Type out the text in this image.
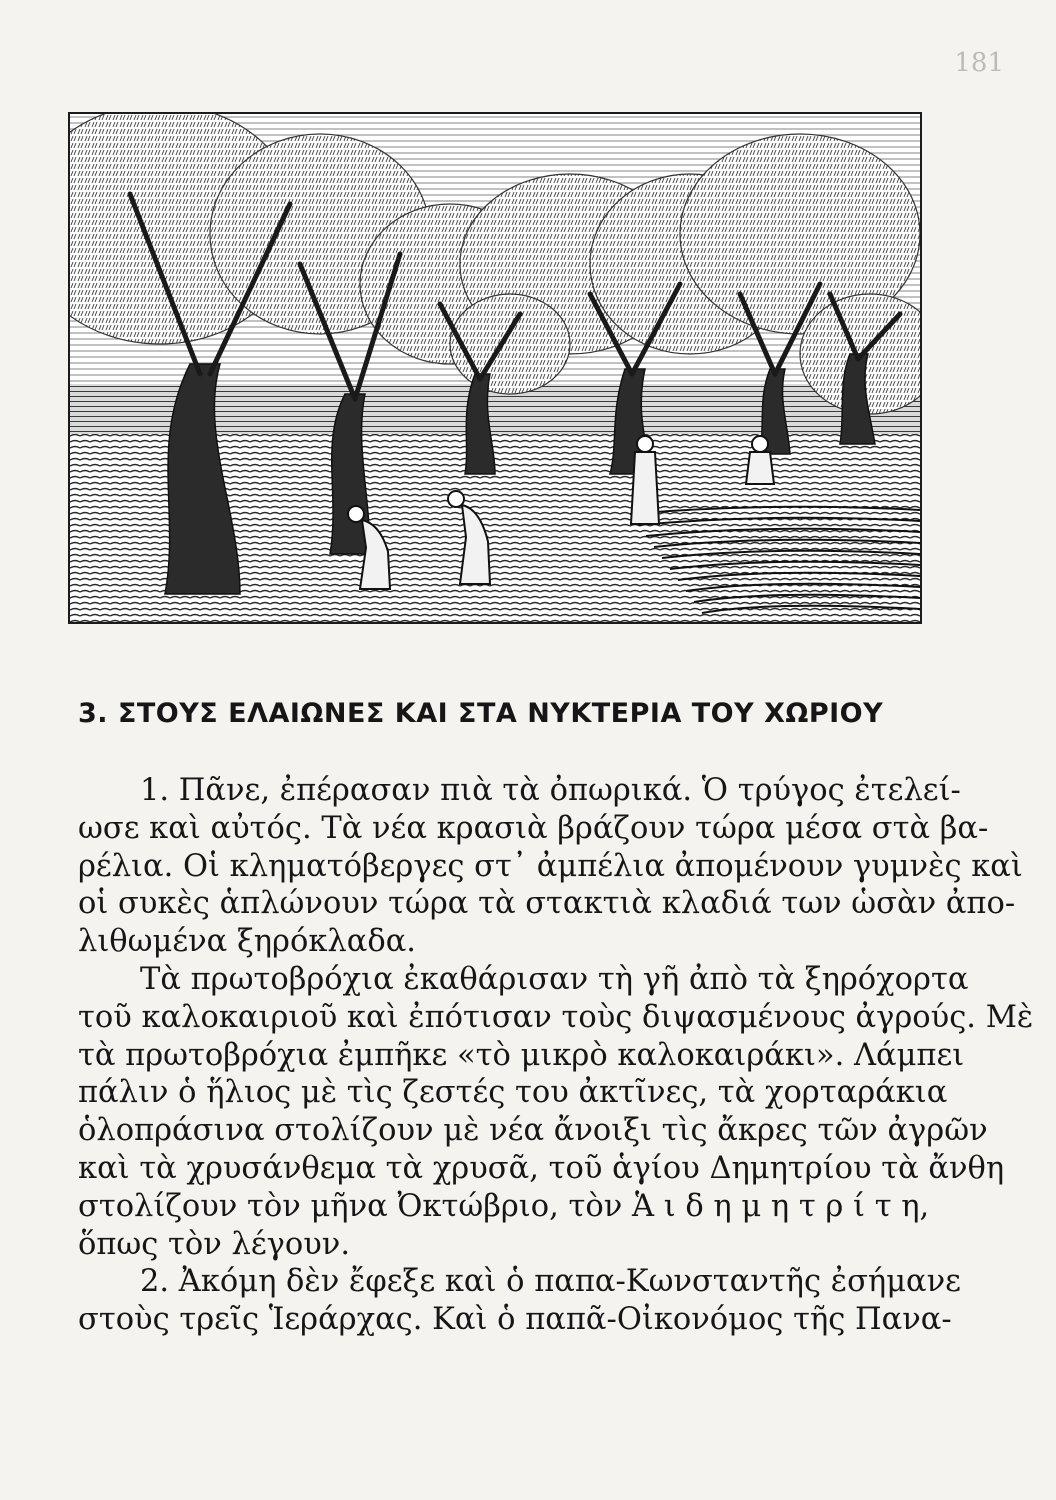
181
3. ΣΤΟΥΣ ΕΛΑΙΩΝΕΣ ΚΑΙ ΣΤΑ ΝΥΚΤΕΡΙΑ ΤΟΥ ΧΩΡΙΟΥ
1. Πᾶνε, ἐπέρασαν πιὰ τὰ ὀπωρικά. Ὁ τρύγος ἐτελεί-
ωσε καὶ αὐτός. Τὰ νέα κρασιὰ βράζουν τώρα μέσα στὰ βα-
ρέλια. Οἱ κληματόβεργες στ᾽ ἀμπέλια ἀπομένουν γυμνὲς καὶ
οἱ συκὲς ἁπλώνουν τώρα τὰ στακτιὰ κλαδιά των ὡσὰν ἀπο-
λιθωμένα ξηρόκλαδα.
Τὰ πρωτοβρόχια ἐκαθάρισαν τὴ γῆ ἀπὸ τὰ ξηρόχορτα
τοῦ καλοκαιριοῦ καὶ ἐπότισαν τοὺς διψασμένους ἀγρούς. Μὲ
τὰ πρωτοβρόχια ἐμπῆκε «τὸ μικρὸ καλοκαιράκι». Λάμπει
πάλιν ὁ ἥλιος μὲ τὶς ζεστές του ἀκτῖνες, τὰ χορταράκια
ὁλοπράσινα στολίζουν μὲ νέα ἄνοιξι τὶς ἄκρες τῶν ἀγρῶν
καὶ τὰ χρυσάνθεμα τὰ χρυσᾶ, τοῦ ἁγίου Δημητρίου τὰ ἄνθη
στολίζουν τὸν μῆνα Ὀκτώβριο, τὸν Ἁ ι δ η μ η τ ρ ί τ η,
ὅπως τὸν λέγουν.
2. Ἀκόμη δὲν ἔφεξε καὶ ὁ παπα-Κωνσταντῆς ἐσήμανε
στοὺς τρεῖς Ἱεράρχας. Καὶ ὁ παπᾶ-Οἰκονόμος τῆς Πανα-
